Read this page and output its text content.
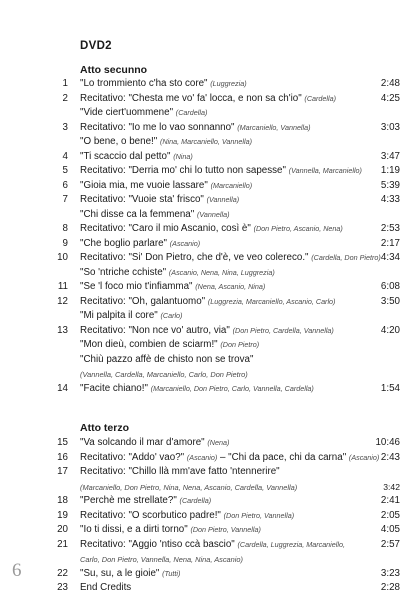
DVD2
Atto secunno
1 "Lo trommiento c'ha sto core" (Luggrezia)	2:48
2 Recitativo: "Chesta me vo' fa' locca, e non sa ch'io" (Cardella)	4:25
"Vide ciert'uommene" (Cardella)
3 Recitativo: "Io me lo vao sonnanno" (Marcaniello, Vannella)	3:03
"O bene, o bene!" (Nina, Marcaniello, Vannella)
4 "Ti scaccio dal petto" (Nina)	3:47
5 Recitativo: "Derria mo' chi lo tutto non sapesse" (Vannella, Marcaniello) 1:19
6 "Gioia mia, me vuoie lassare" (Marcaniello)	5:39
7 Recitativo: "Vuoie sta' frisco" (Vannella)	4:33
"Chi disse ca la femmena" (Vannella)
8 Recitativo: "Caro il mio Ascanio, così è" (Don Pietro, Ascanio, Nena)	2:53
9 "Che boglio parlare" (Ascanio)	2:17
10 Recitativo: "Si' Don Pietro, che d'è, ve veo colereco." (Cardella, Don Pietro) 4:34
"So 'ntriche cchiste" (Ascanio, Nena, Nina, Luggrezia)
11 "Se 'l foco mio t'infiamma" (Nena, Ascanio, Nina)	6:08
12 Recitativo: "Oh, galantuomo" (Luggrezia, Marcaniello, Ascanio, Carlo)	3:50
"Mi palpita il core" (Carlo)
13 Recitativo: "Non nce vo' autro, via" (Don Pietro, Cardella, Vannella)	4:20
"Mon dieù, combien de sciarm!" (Don Pietro)
"Chiù pazzo affè de chisto non se trova"
(Vannella, Cardella, Marcaniello, Carlo, Don Pietro)
14 "Facite chiano!" (Marcaniello, Don Pietro, Carlo, Vannella, Cardella)	1:54
Atto terzo
15 "Va solcando il mar d'amore" (Nena)	10:46
16 Recitativo: "Addo' vao?" (Ascanio) – "Chi da pace, chi da carna" (Ascanio) 2:43
17 Recitativo: "Chillo llà mm'ave fatto 'ntennerire"
(Marcaniello, Don Pietro, Nina, Nena, Ascanio, Cardella, Vannella)	3:42
18 "Perchè me strellate?" (Cardella)	2:41
19 Recitativo: "O scorbutico padre!" (Don Pietro, Vannella)	2:05
20 "Io ti dissi, e a dirti torno" (Don Pietro, Vannella)	4:05
21 Recitativo: "Aggio 'ntiso ccà bascio" (Cardella, Luggrezia, Marcaniello,	2:57
Carlo, Don Pietro, Vannella, Nena, Nina, Ascanio)
22 "Su, su, a le gioie" (Tutti)	3:23
23 End Credits	2:28
6
